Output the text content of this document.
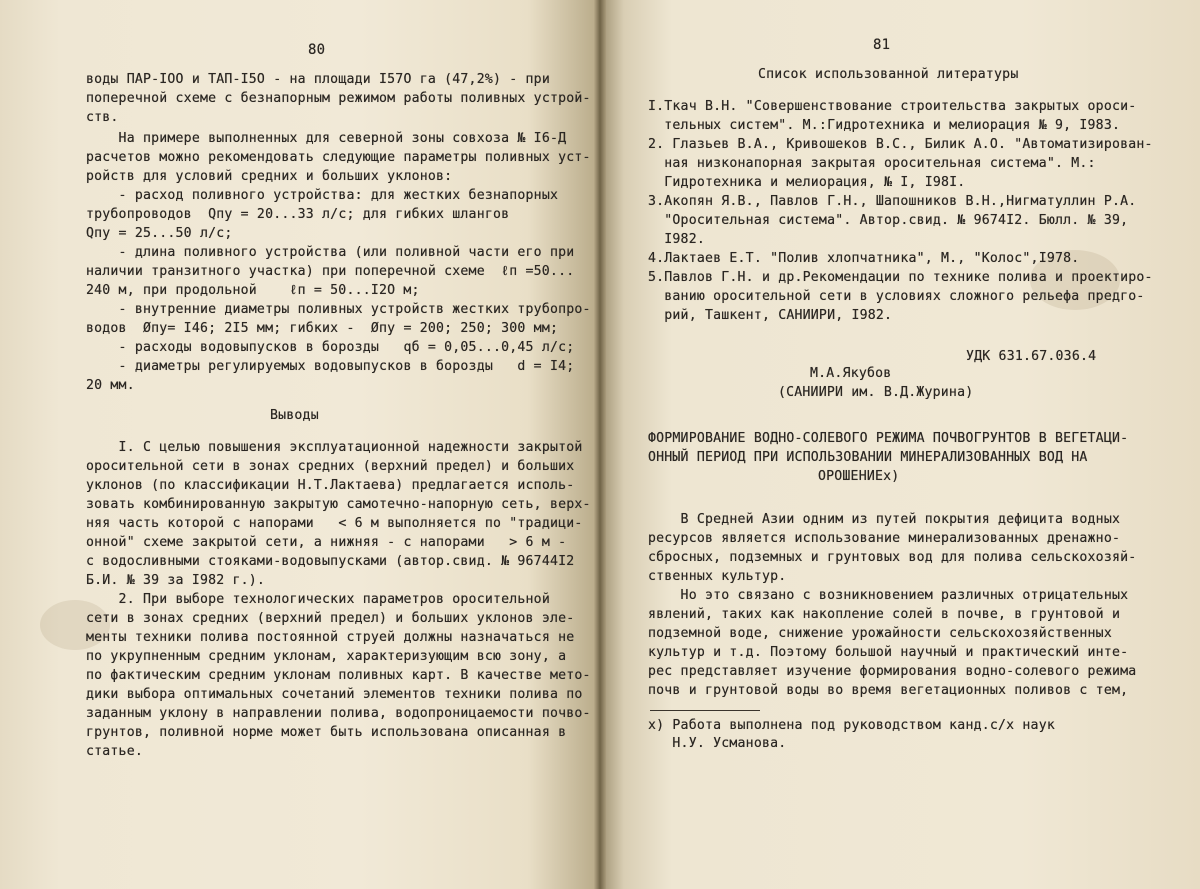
80
воды ПАР-IОО и ТАП-I5О - на площади I57О га (47,2%) - при
поперечной схеме с безнапорным режимом работы поливных устрой-
ств.
На примере выполненных для северной зоны совхоза № I6-Д
расчетов можно рекомендовать следующие параметры поливных уст-
ройств для условий средних и больших уклонов:
- расход поливного устройства: для жестких безнапорных
трубопроводов  Qпу = 20...33 л/с; для гибких шлангов
Qпу = 25...50 л/с;
- длина поливного устройства (или поливной части его при
наличии транзитного участка) при поперечной схеме  ℓп =50...
240 м, при продольной    ℓп = 50...I2О м;
- внутренние диаметры поливных устройств жестких трубопро-
водов  Øпу= I46; 2I5 мм; гибких -  Øпу = 200; 250; 300 мм;
- расходы водовыпусков в борозды   qб = 0,05...0,45 л/с;
- диаметры регулируемых водовыпусков в борозды   d = I4;
20 мм.
Выводы
I. С целью повышения эксплуатационной надежности закрытой
оросительной сети в зонах средних (верхний предел) и больших
уклонов (по классификации Н.Т.Лактаева) предлагается исполь-
зовать комбинированную закрытую самотечно-напорную сеть, верх-
няя часть которой с напорами   < 6 м выполняется по "традици-
онной" схеме закрытой сети, а нижняя - с напорами   > 6 м -
с водосливными стояками-водовыпусками (автор.свид. № 96744I2
Б.И. № 39 за I982 г.).
2. При выборе технологических параметров оросительной
сети в зонах средних (верхний предел) и больших уклонов эле-
менты техники полива постоянной струей должны назначаться не
по укрупненным средним уклонам, характеризующим всю зону, а
по фактическим средним уклонам поливных карт. В качестве мето-
дики выбора оптимальных сочетаний элементов техники полива по
заданным уклону в направлении полива, водопроницаемости почво-
грунтов, поливной норме может быть использована описанная в
статье.
81
Список использованной литературы
I.Ткач В.Н. "Совершенствование строительства закрытых ороси-
тельных систем". М.:Гидротехника и мелиорация № 9, I983.
2. Глазьев В.А., Кривошеков В.С., Билик А.О. "Автоматизирован-
ная низконапорная закрытая оросительная система". М.:
Гидротехника и мелиорация, № I, I98I.
3.Акопян Я.В., Павлов Г.Н., Шапошников В.Н.,Нигматуллин Р.А.
"Оросительная система". Автор.свид. № 9674I2. Бюлл. № 39,
I982.
4.Лактаев Е.Т. "Полив хлопчатника", М., "Колос",I978.
5.Павлов Г.Н. и др.Рекомендации по технике полива и проектиро-
ванию оросительной сети в условиях сложного рельефа предго-
рий, Ташкент, САНИИРИ, I982.
УДК 631.67.036.4
М.А.Якубов
(САНИИРИ им. В.Д.Журина)
ФОРМИРОВАНИЕ ВОДНО-СОЛЕВОГО РЕЖИМА ПОЧВОГРУНТОВ В ВЕГЕТАЦИ-
ОННЫЙ ПЕРИОД ПРИ ИСПОЛЬЗОВАНИИ МИНЕРАЛИЗОВАННЫХ ВОД НА
ОРОШЕНИЕx)
В Средней Азии одним из путей покрытия дефицита водных
ресурсов является использование минерализованных дренажно-
сбросных, подземных и грунтовых вод для полива сельскохозяй-
ственных культур.
Но это связано с возникновением различных отрицательных
явлений, таких как накопление солей в почве, в грунтовой и
подземной воде, снижение урожайности сельскохозяйственных
культур и т.д. Поэтому большой научный и практический инте-
рес представляет изучение формирования водно-солевого режима
почв и грунтовой воды во время вегетационных поливов с тем,
x) Работа выполнена под руководством канд.с/х наук
Н.У. Усманова.
